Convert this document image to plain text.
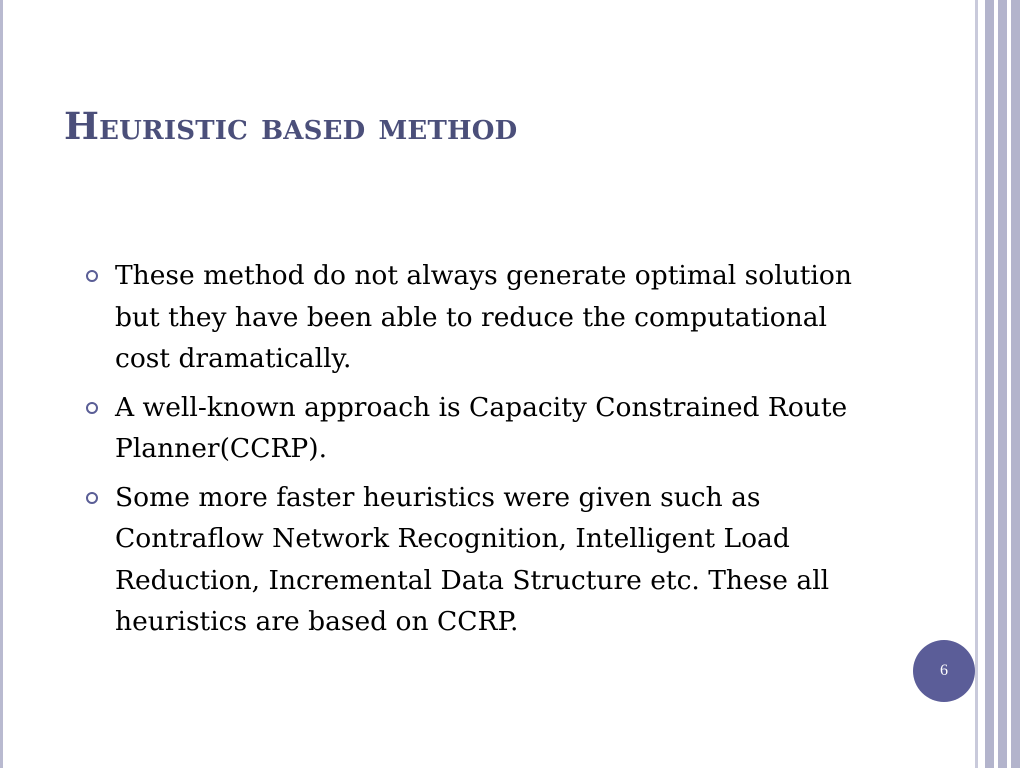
Heuristic based method
These method do not always generate optimal solution but they have been able to reduce the computational cost dramatically.
A well-known approach is Capacity Constrained Route Planner(CCRP).
Some more faster heuristics were given such as Contraflow Network Recognition, Intelligent Load Reduction, Incremental Data Structure etc. These all heuristics are based on CCRP.
6
